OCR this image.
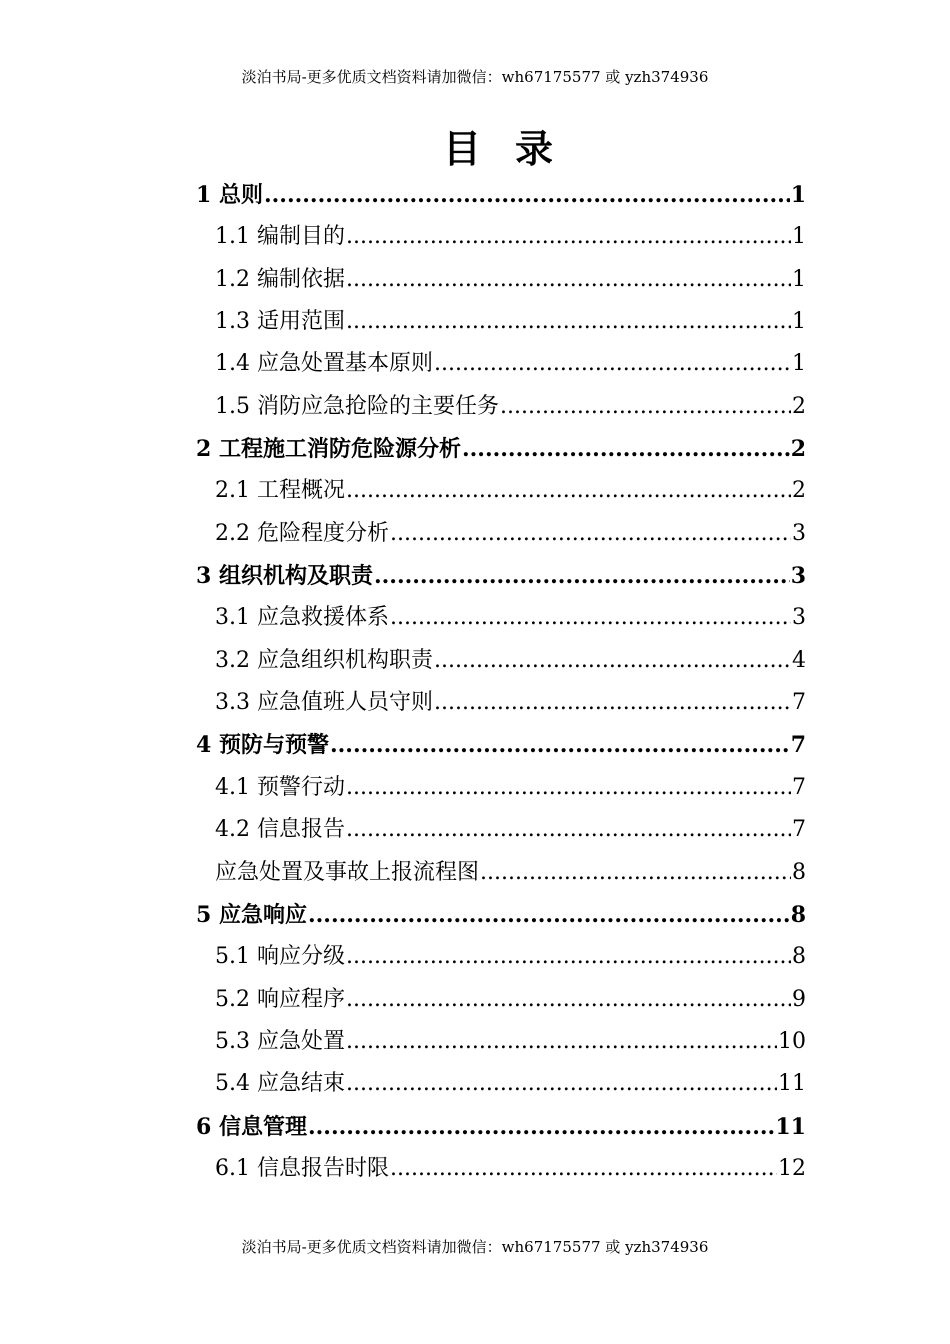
淡泊书局-更多优质文档资料请加微信：wh67175577 或 yzh374936
目录
1 总则 .....	1
1.1 编制目的 .....	1
1.2 编制依据 .....	1
1.3 适用范围 .....	1
1.4 应急处置基本原则 .....	1
1.5 消防应急抢险的主要任务 .....	2
2 工程施工消防危险源分析 .....	2
2.1 工程概况 .....	2
2.2 危险程度分析 .....	3
3 组织机构及职责 .....	3
3.1 应急救援体系 .....	3
3.2 应急组织机构职责 .....	4
3.3 应急值班人员守则 .....	7
4 预防与预警 .....	7
4.1 预警行动 .....	7
4.2 信息报告 .....	7
应急处置及事故上报流程图 .....	8
5 应急响应 .....	8
5.1 响应分级 .....	8
5.2 响应程序 .....	9
5.3 应急处置 .....	10
5.4 应急结束 .....	11
6 信息管理 .....	11
6.1 信息报告时限 .....	12
淡泊书局-更多优质文档资料请加微信：wh67175577 或 yzh374936
